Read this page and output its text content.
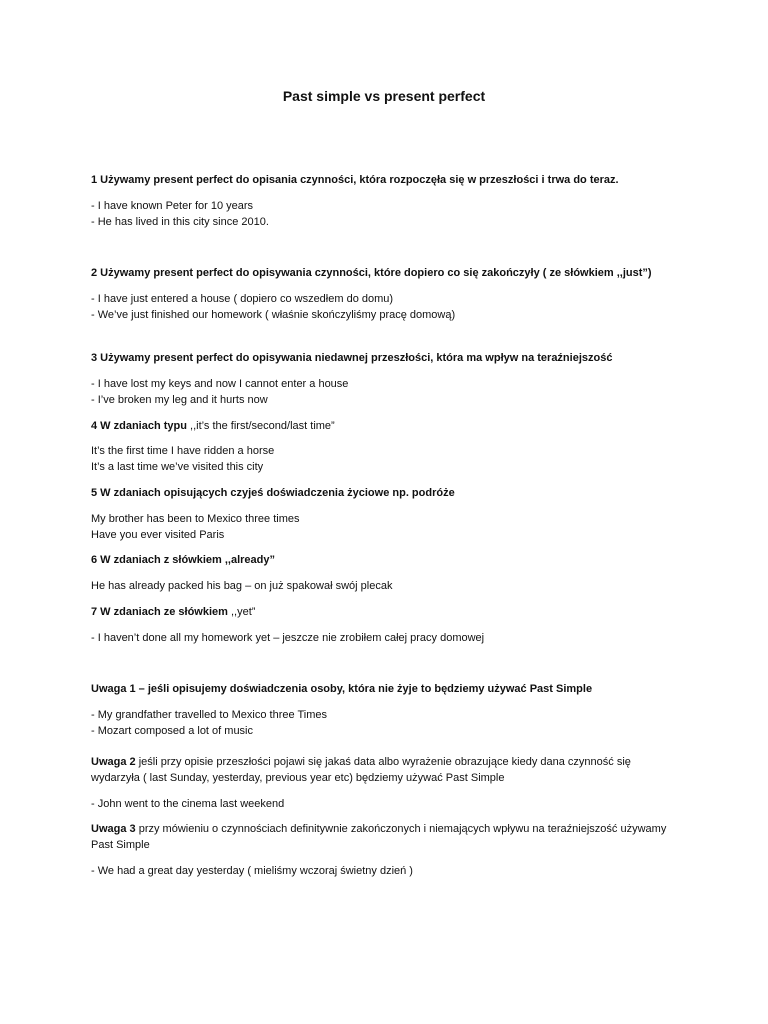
Past simple vs present perfect
1 Używamy present perfect do opisania czynności, która rozpoczęła się w przeszłości i trwa do teraz.
- I have known Peter for 10 years
- He has lived in this city since 2010.
2 Używamy present perfect do opisywania czynności, które dopiero co się zakończyły ( ze słówkiem ,,just”)
- I have just entered a house ( dopiero co wszedłem do domu)
- We’ve just finished our homework ( właśnie skończyliśmy pracę domową)
3 Używamy present perfect do opisywania niedawnej przeszłości, która ma wpływ na teraźniejszość
- I have lost my keys and now I cannot enter a house
- I’ve broken my leg and it hurts now
4 W zdaniach typu ,,it’s the first/second/last time”
It’s the first time I have ridden a horse
It’s a last time we’ve visited this city
5 W zdaniach opisujących czyjeś doświadczenia życiowe np. podróże
My brother has been to Mexico three times
Have you ever visited Paris
6 W zdaniach z słówkiem ,,already”
He has already packed his bag – on już spakował swój plecak
7 W zdaniach ze słówkiem ,,yet”
- I haven’t done all my homework yet – jeszcze nie zrobiłem całej pracy domowej
Uwaga 1 – jeśli opisujemy doświadczenia osoby, która nie żyje to będziemy używać Past Simple
- My grandfather travelled to Mexico three Times
- Mozart composed a lot of music
Uwaga 2 jeśli przy opisie przeszłości pojawi się jakaś data albo wyrażenie obrazujące kiedy dana czynność się wydarzyła ( last Sunday, yesterday, previous year etc) będziemy używać Past Simple
- John went to the cinema last weekend
Uwaga 3 przy mówieniu o czynnościach definitywnie zakończonych i niemających wpływu na teraźniejszość używamy Past Simple
- We had a great day yesterday ( mieliśmy wczoraj świetny dzień )
